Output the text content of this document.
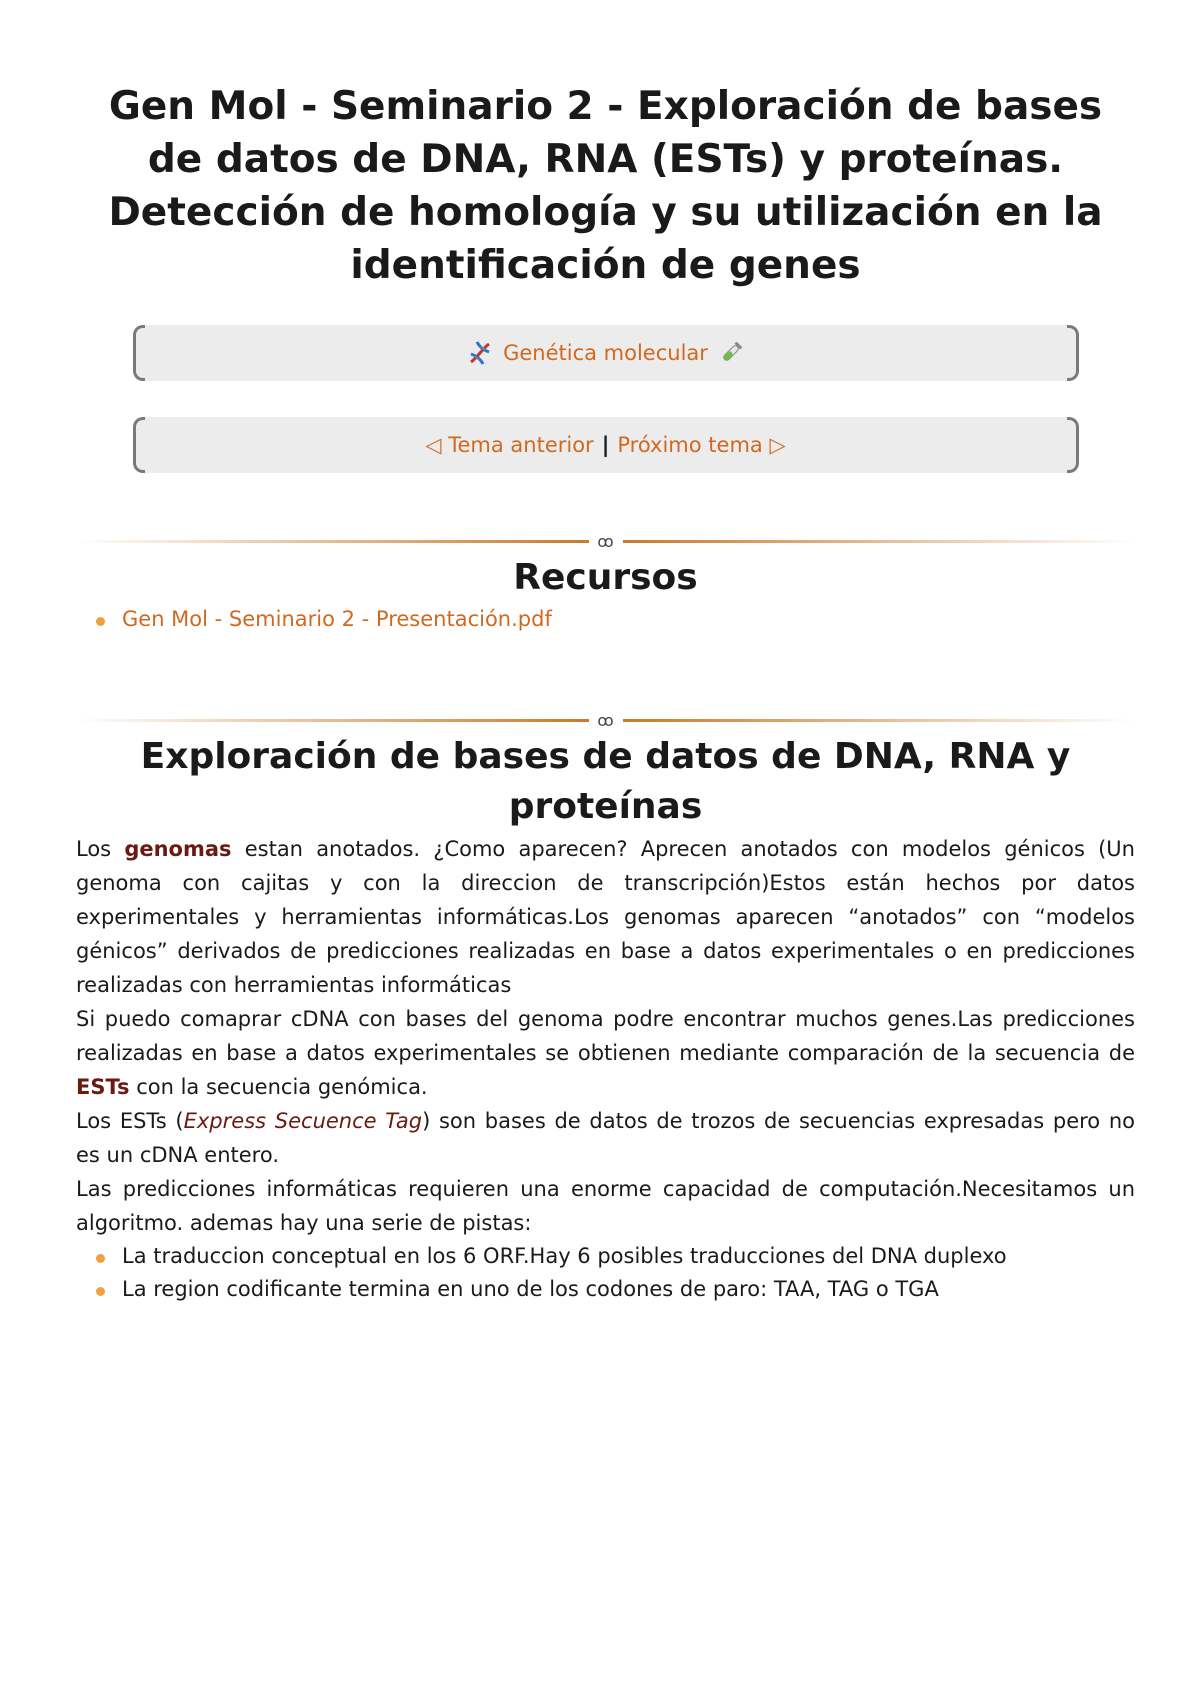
Gen Mol - Seminario 2 - Exploración de bases de datos de DNA, RNA (ESTs) y proteínas. Detección de homología y su utilización en la identificación de genes
Genética molecular
◁ Tema anterior | Próximo tema ▷
ꝏ
Recursos
Gen Mol - Seminario 2 - Presentación.pdf
ꝏ
Exploración de bases de datos de DNA, RNA y proteínas

Los genomas estan anotados. ¿Como aparecen? Aprecen anotados con modelos génicos (Un genoma con cajitas y con la direccion de transcripción)Estos están hechos por datos experimentales y herramientas informáticas.Los genomas aparecen “anotados” con “modelos génicos” derivados de predicciones realizadas en base a datos experimentales o en predicciones realizadas con herramientas informáticas

Si puedo comaprar cDNA con bases del genoma podre encontrar muchos genes.Las predicciones realizadas en base a datos experimentales se obtienen mediante comparación de la secuencia de ESTs con la secuencia genómica.
Los ESTs (Express Secuence Tag) son bases de datos de trozos de secuencias expresadas pero no es un cDNA entero.
Las predicciones informáticas requieren una enorme capacidad de computación.Necesitamos un algoritmo. ademas hay una serie de pistas:

La traduccion conceptual en los 6 ORF.Hay 6 posibles traducciones del DNA duplexo
La region codificante termina en uno de los codones de paro: TAA, TAG o TGA
